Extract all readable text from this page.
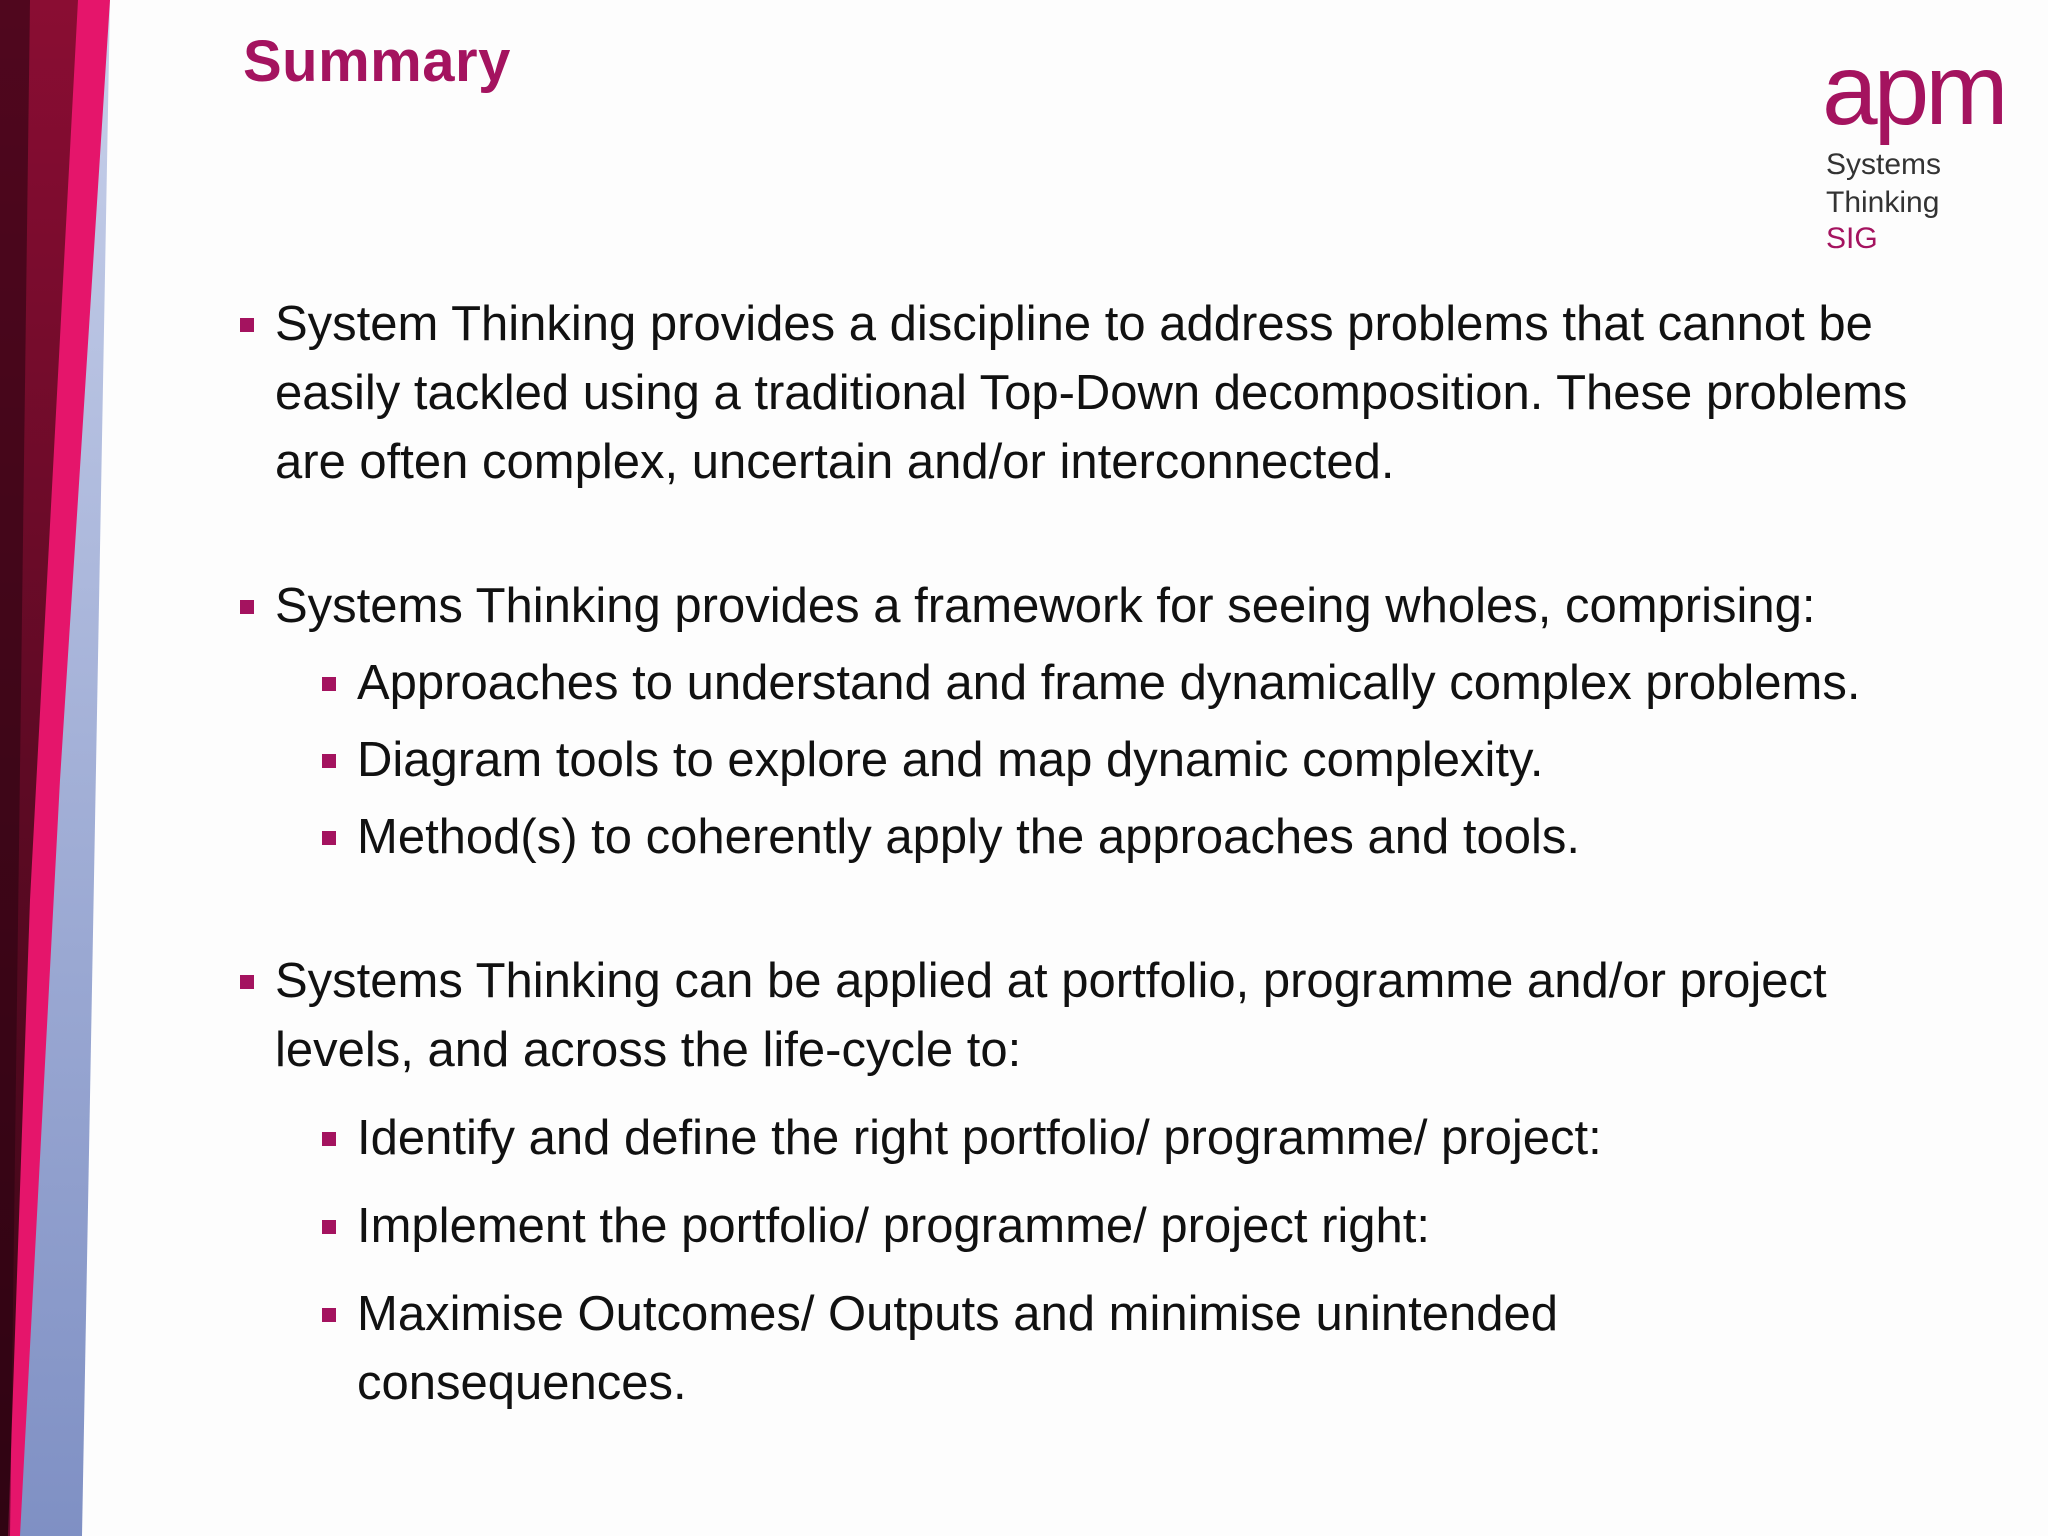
Summary	apm
Systems
Thinking
SIG
System Thinking provides a discipline to address problems that cannot be easily tackled using a traditional Top-Down decomposition. These problems are often complex, uncertain and/or interconnected.
Systems Thinking provides a framework for seeing wholes, comprising:
Approaches to understand and frame dynamically complex problems.
Diagram tools to explore and map dynamic complexity.
Method(s) to coherently apply the approaches and tools.
Systems Thinking can be applied at portfolio, programme and/or project levels, and across the life-cycle to:
Identify and define the right portfolio/ programme/ project:
Implement the portfolio/ programme/ project right:
Maximise Outcomes/ Outputs and minimise unintended consequences.
